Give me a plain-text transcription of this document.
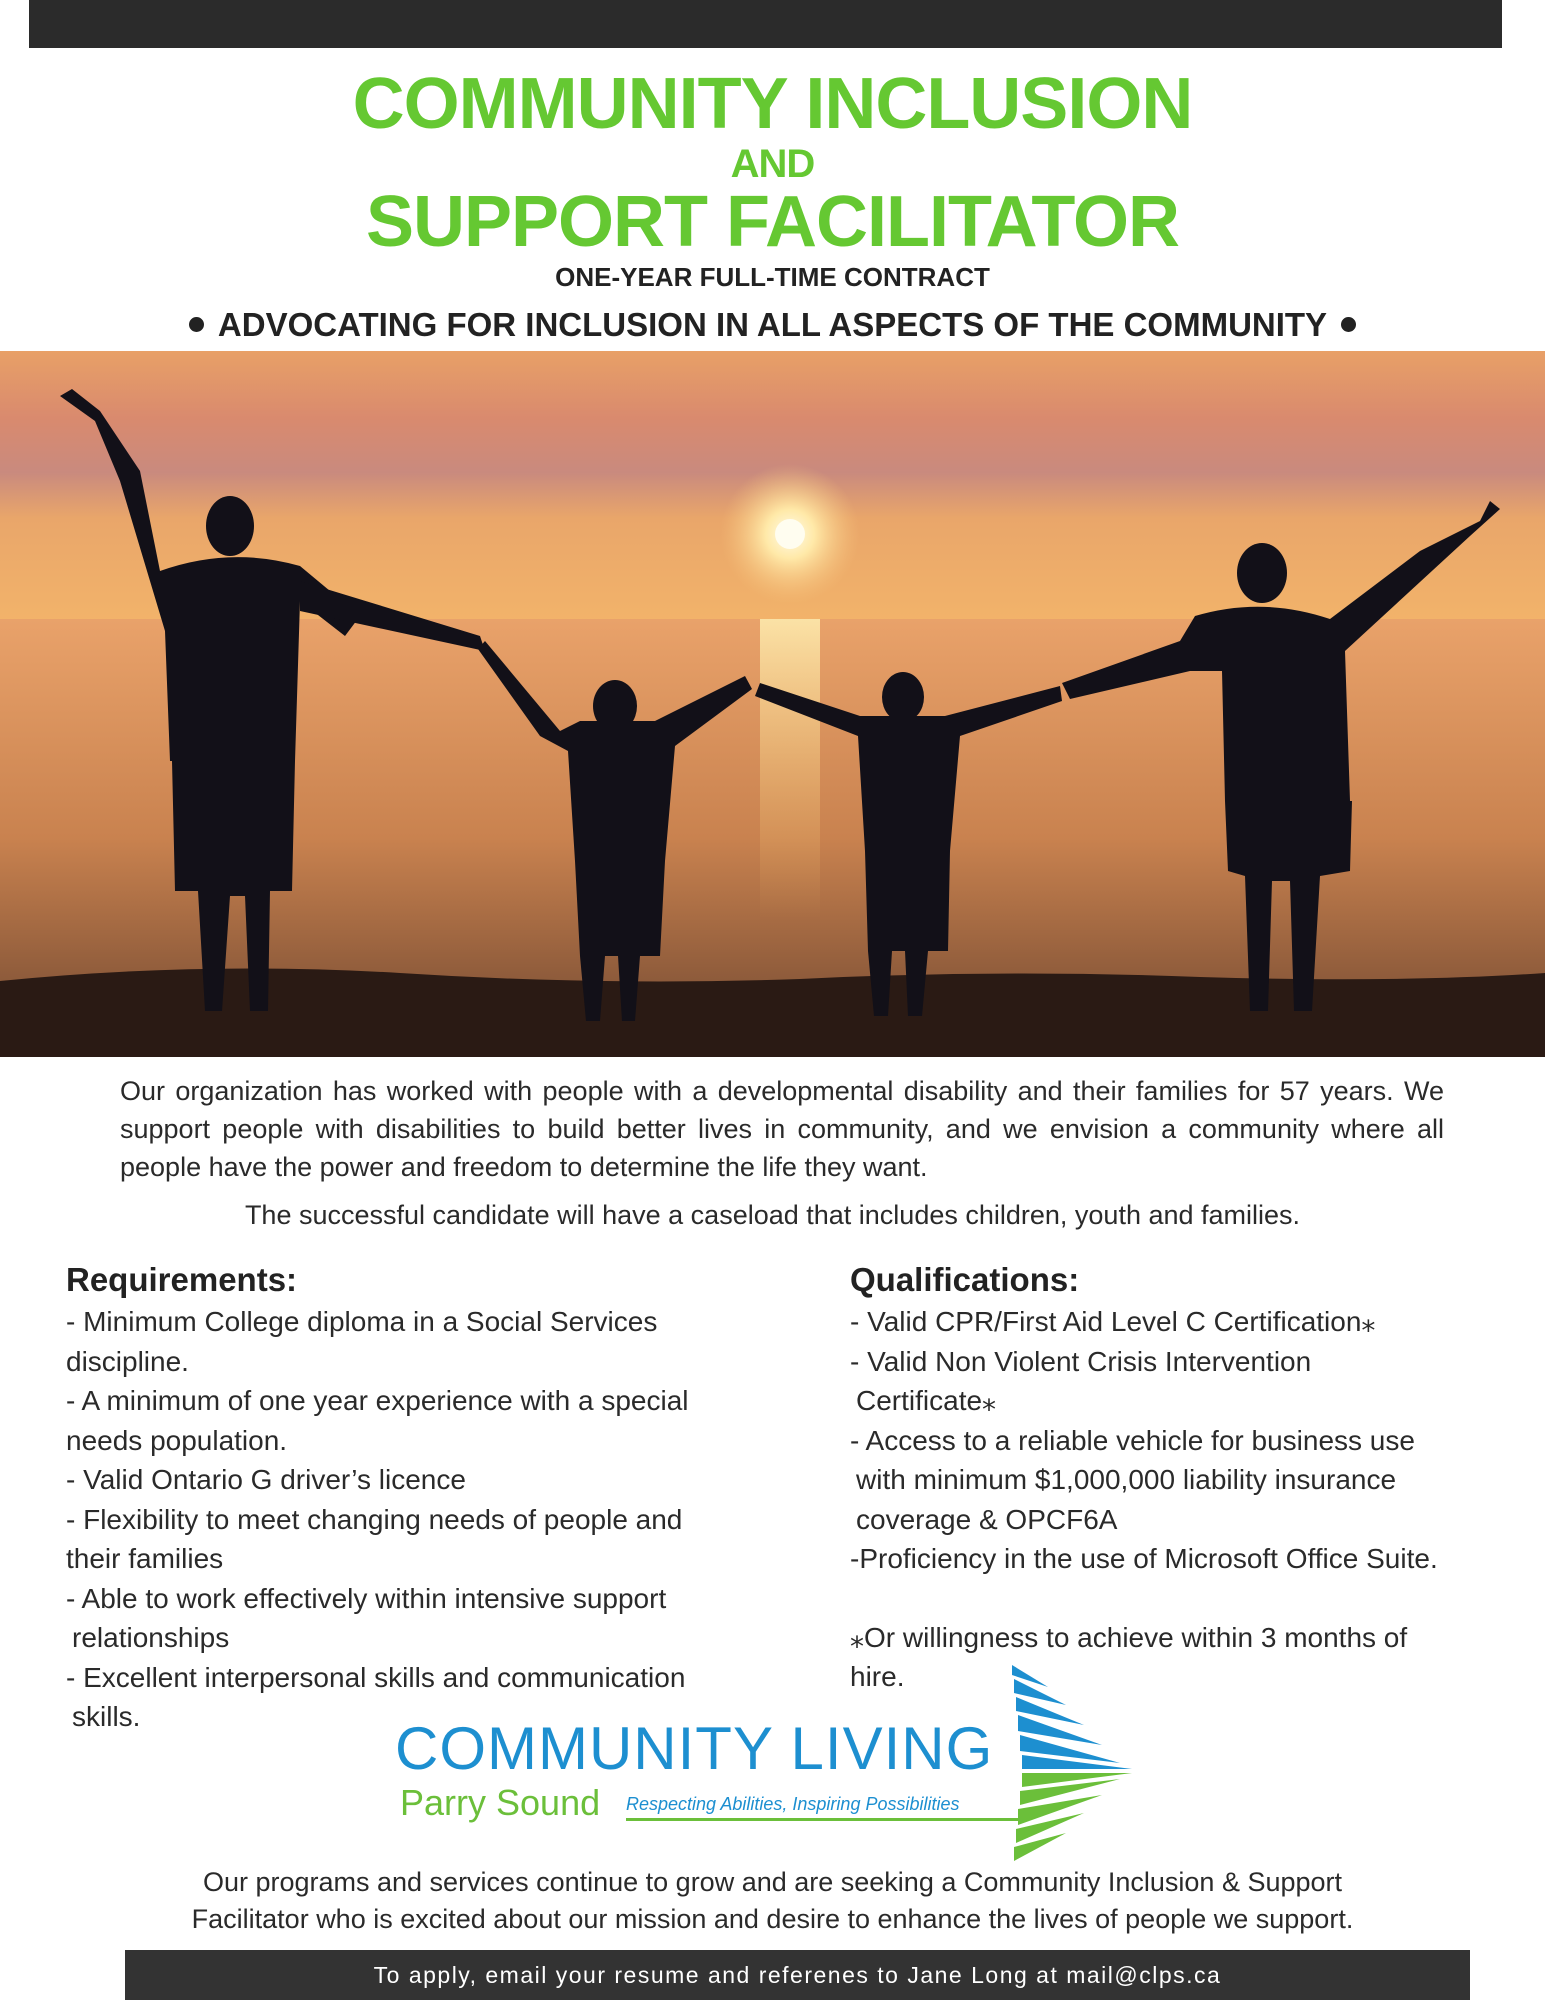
COMMUNITY INCLUSION
AND
SUPPORT FACILITATOR
ONE-YEAR FULL-TIME CONTRACT
ADVOCATING FOR INCLUSION IN ALL ASPECTS OF THE COMMUNITY
Our organization has worked with people with a developmental disability and their families for 57 years. We support people with disabilities to build better lives in community, and we envision a community where all people have the power and freedom to determine the life they want.
The successful candidate will have a caseload that includes children, youth and families.
Requirements:
- Minimum College diploma in a Social Services
discipline.
- A minimum of one year experience with a special
needs population.
- Valid Ontario G driver’s licence
- Flexibility to meet changing needs of people and
their families
- Able to work effectively within intensive support
relationships
- Excellent interpersonal skills and communication
skills.
Qualifications:
- Valid CPR/First Aid Level C Certification⁎
- Valid Non Violent Crisis Intervention
Certificate⁎
- Access to a reliable vehicle for business use
with minimum $1,000,000 liability insurance
coverage & OPCF6A
-Proficiency in the use of Microsoft Office Suite.
⁎Or willingness to achieve within 3 months of
hire.
COMMUNITY LIVING
Parry Sound Respecting Abilities, Inspiring Possibilities
Our programs and services continue to grow and are seeking a Community Inclusion & Support
Facilitator who is excited about our mission and desire to enhance the lives of people we support.
To apply, email your resume and referenes to Jane Long at mail@clps.ca
